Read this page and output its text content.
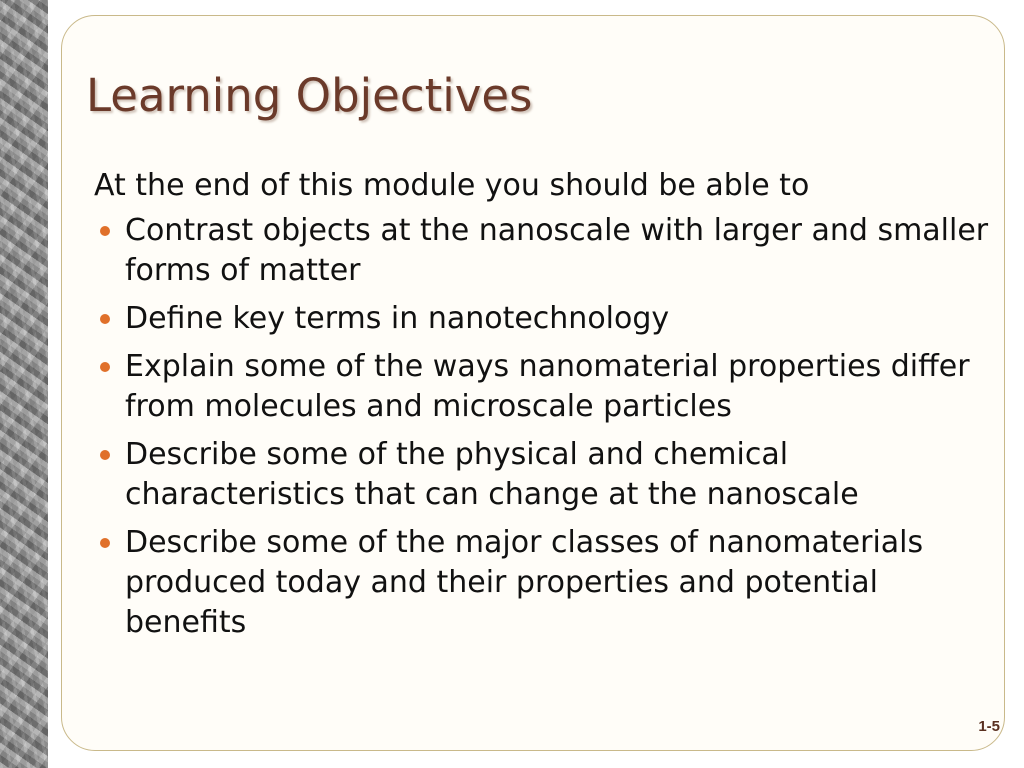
Learning Objectives

At the end of this module you should be able to

Contrast objects at the nanoscale with larger and smaller forms of matter
Define key terms in nanotechnology
Explain some of the ways nanomaterial properties differ from molecules and microscale particles
Describe some of the physical and chemical characteristics that can change at the nanoscale
Describe some of the major classes of nanomaterials produced today and their properties and potential benefits
1-5
